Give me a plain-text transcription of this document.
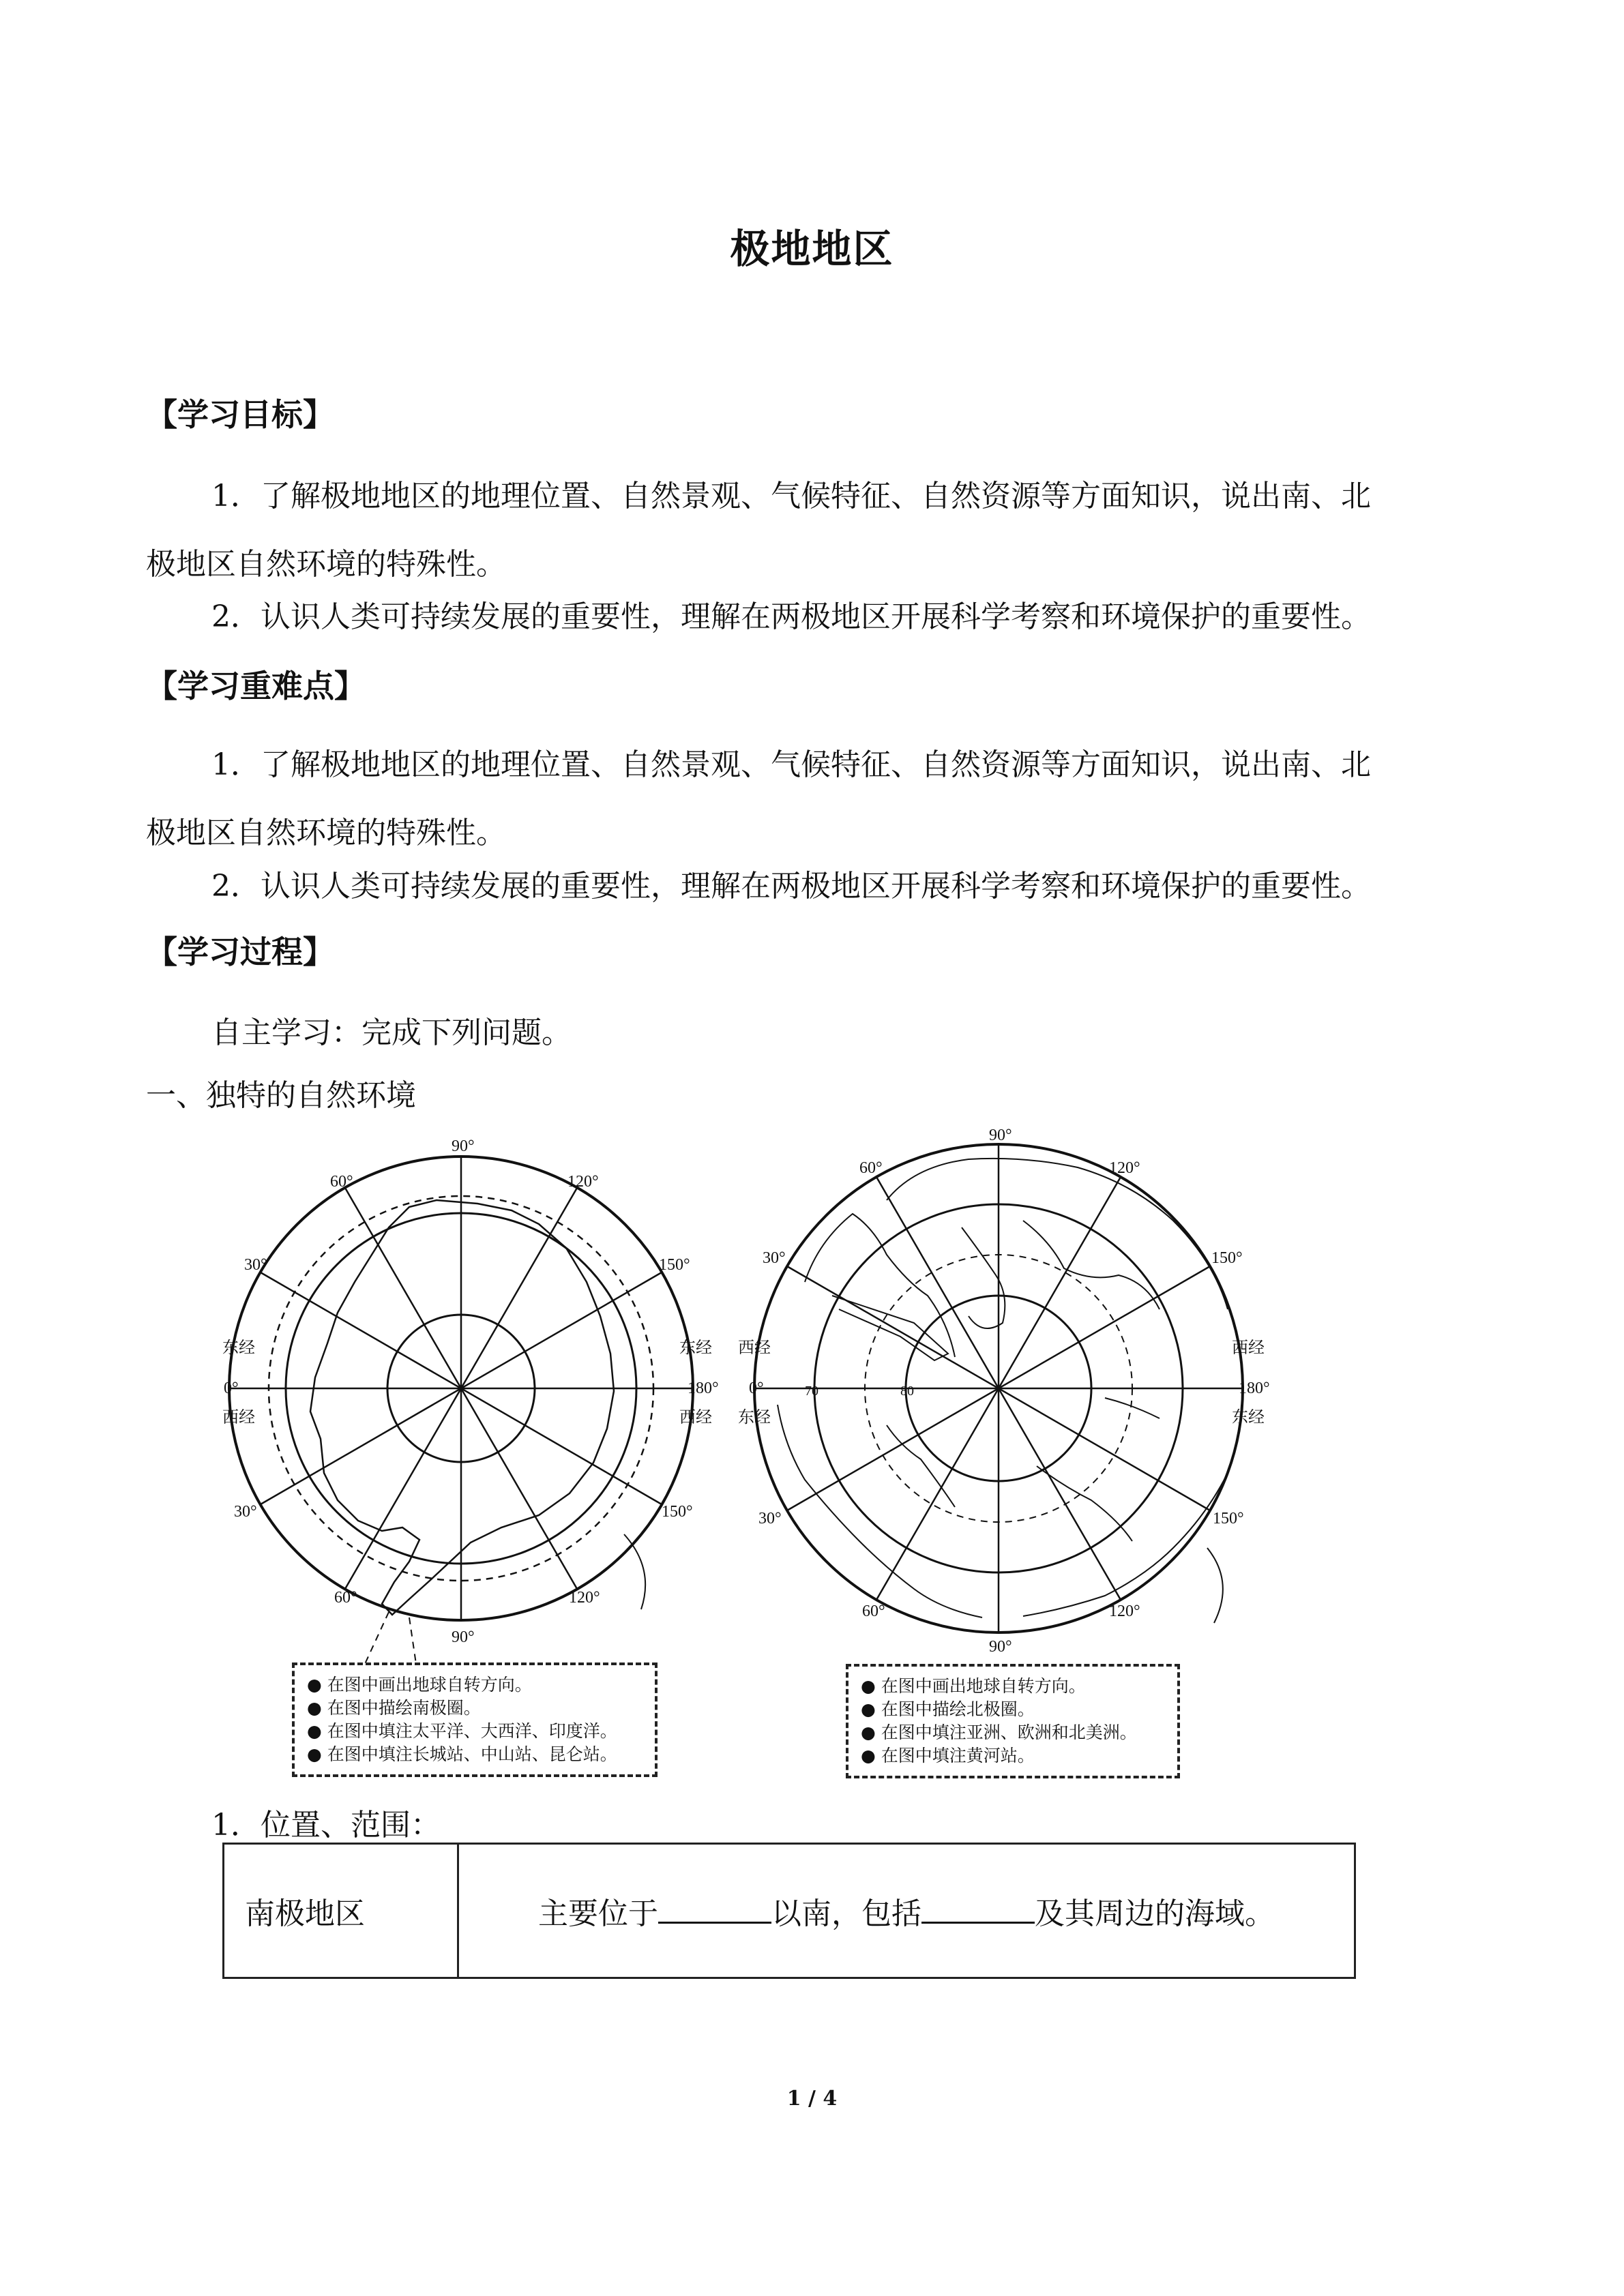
极地地区
【学习目标】
1．了解极地地区的地理位置、自然景观、气候特征、自然资源等方面知识，说出南、北
极地区自然环境的特殊性。
2．认识人类可持续发展的重要性，理解在两极地区开展科学考察和环境保护的重要性。
【学习重难点】
1．了解极地地区的地理位置、自然景观、气候特征、自然资源等方面知识，说出南、北
极地区自然环境的特殊性。
2．认识人类可持续发展的重要性，理解在两极地区开展科学考察和环境保护的重要性。
【学习过程】
自主学习：完成下列问题。
一、独特的自然环境
90°
90°
60°	120°
30°	150°
30°	150°
60°	120°
0°	180°
东经
西经
东经
西经
● 在图中画出地球自转方向。
● 在图中描绘南极圈。
● 在图中填注太平洋、大西洋、印度洋。
● 在图中填注长城站、中山站、昆仑站。
90°
90°
60°	120°
30°	150°
30°	150°
60°	120°
0°	180°
70	80
西经
东经
西经
东经
● 在图中画出地球自转方向。
● 在图中描绘北极圈。
● 在图中填注亚洲、欧洲和北美洲。
● 在图中填注黄河站。
1．位置、范围：
南极地区	主要位于	以南，包括	及其周边的海域。
1 / 4
